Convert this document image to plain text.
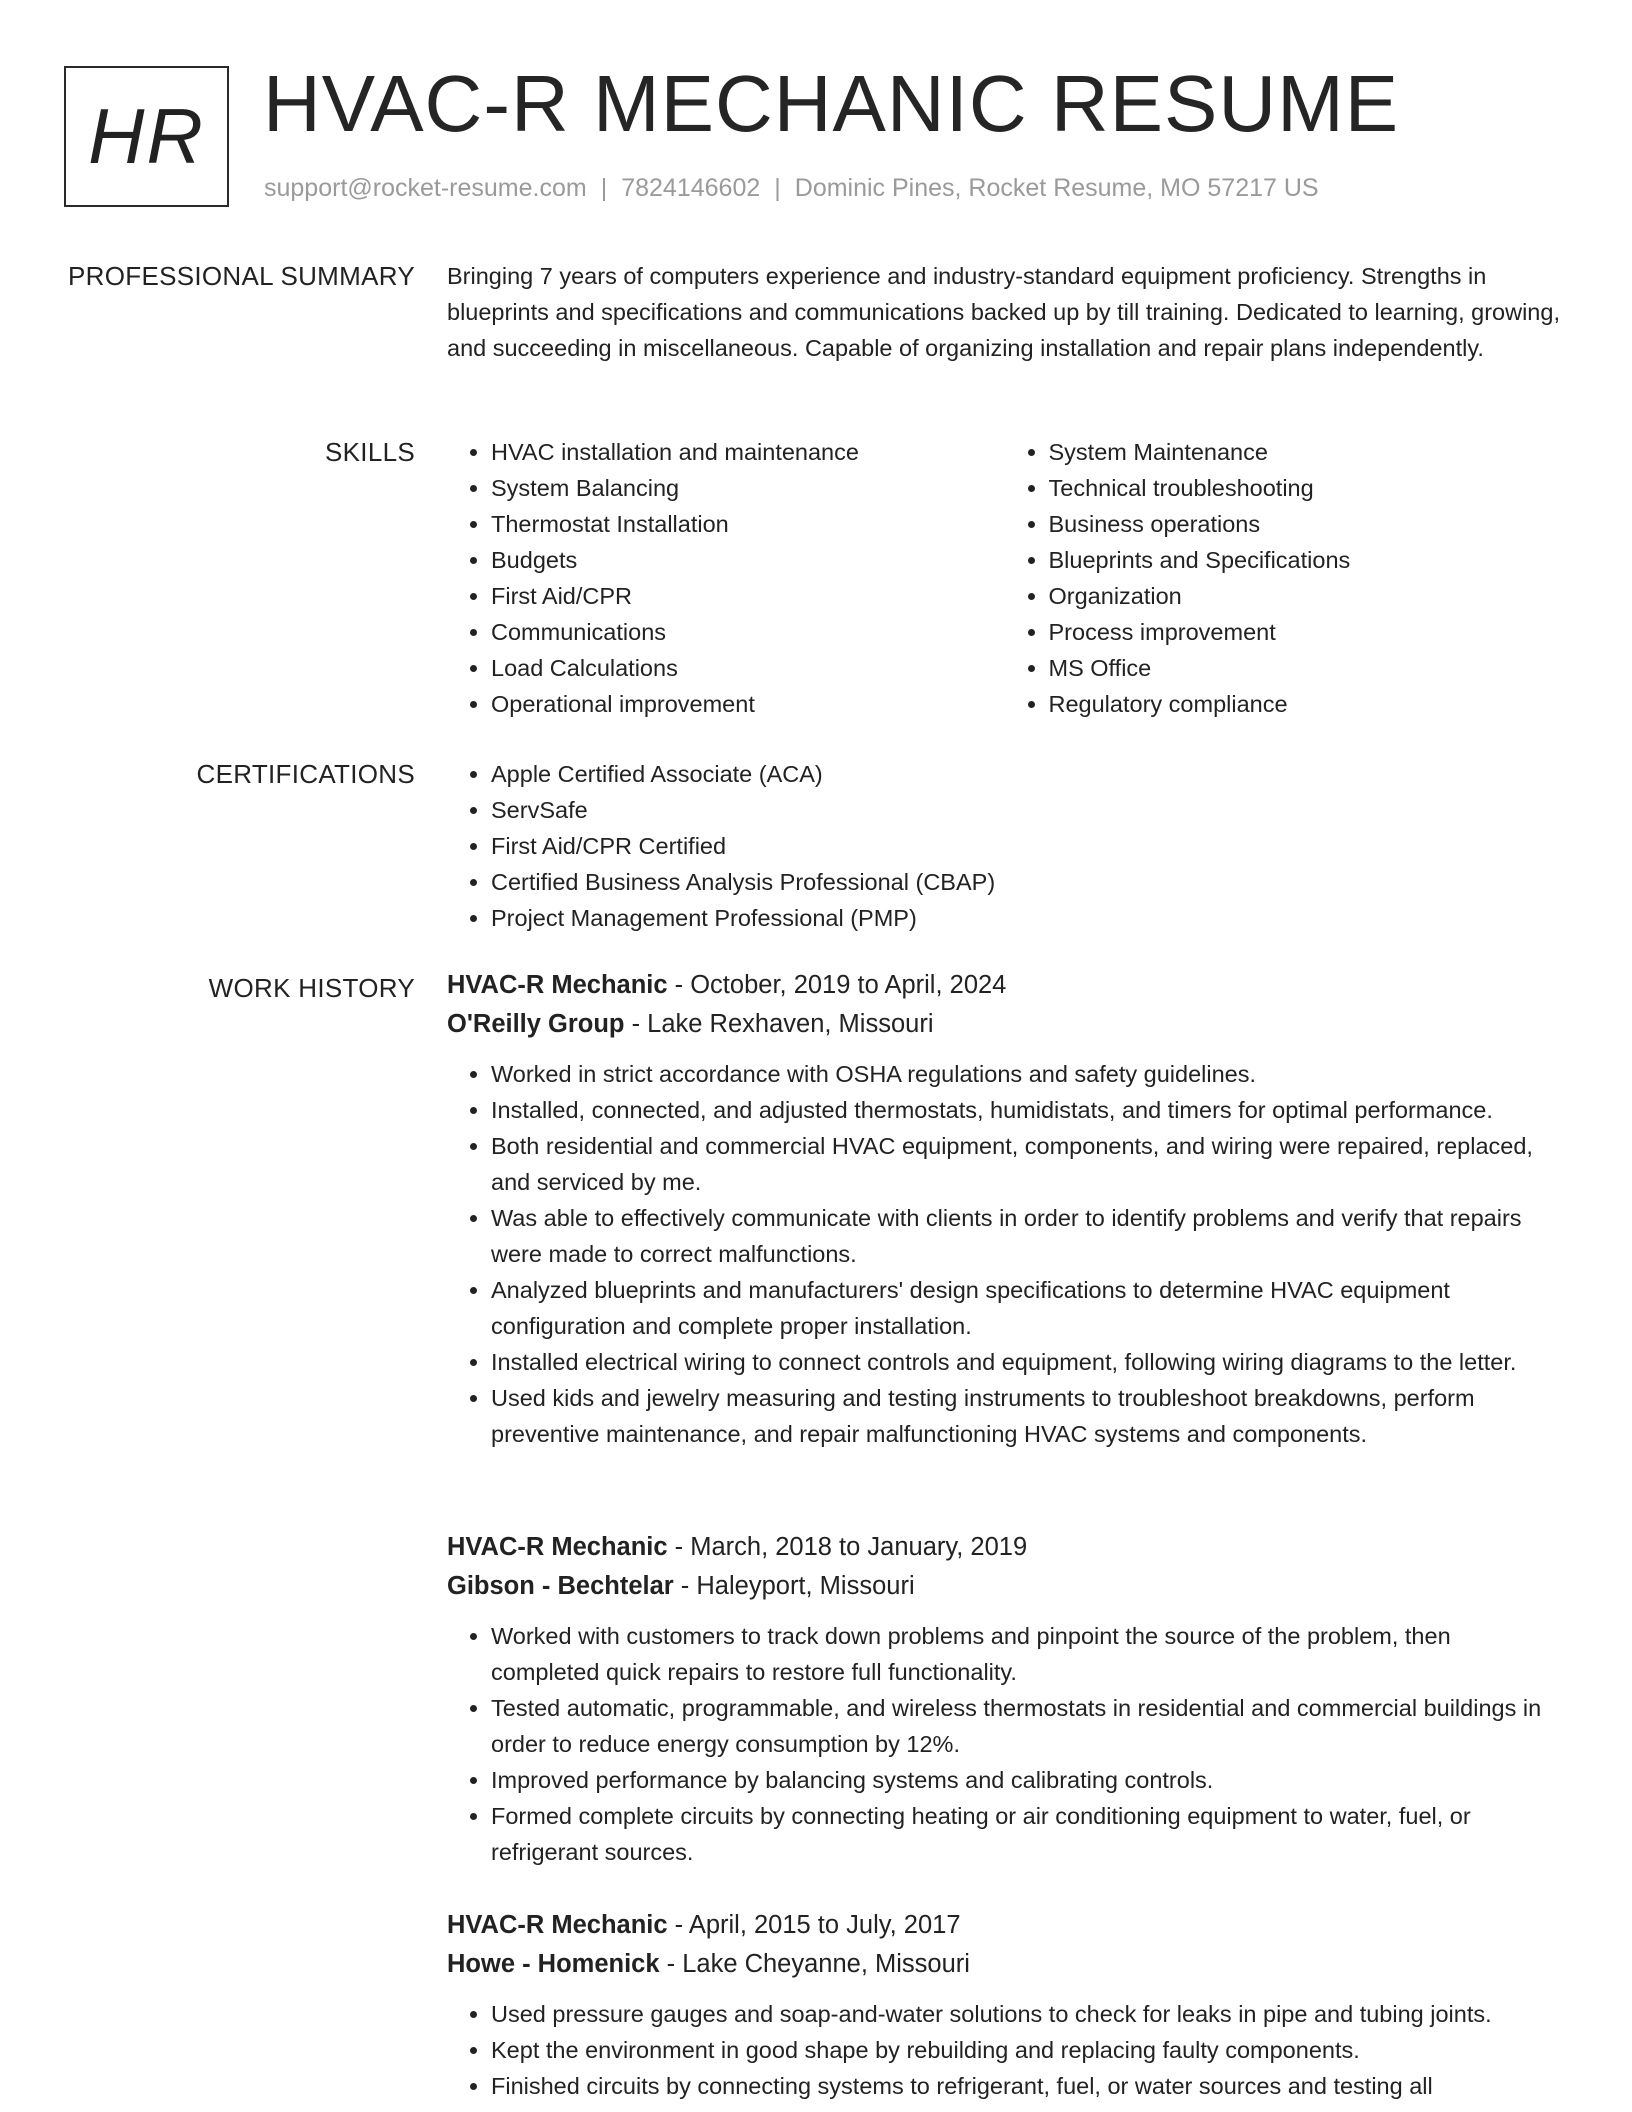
HR HVAC-R MECHANIC RESUME
support@rocket-resume.com | 7824146602 | Dominic Pines, Rocket Resume, MO 57217 US
PROFESSIONAL SUMMARY Bringing 7 years of computers experience and industry-standard equipment proficiency. Strengths in blueprints and specifications and communications backed up by till training. Dedicated to learning, growing, and succeeding in miscellaneous. Capable of organizing installation and repair plans independently.

SKILLS	• HVAC installation and maintenance
• System Balancing
• Thermostat Installation
• Budgets
• First Aid/CPR
• Communications
• Load Calculations
• Operational improvement
• System Maintenance
• Technical troubleshooting
• Business operations
• Blueprints and Specifications
• Organization
• Process improvement
• MS Office
• Regulatory compliance
CERTIFICATIONS	• Apple Certified Associate (ACA)
• ServSafe
• First Aid/CPR Certified
• Certified Business Analysis Professional (CBAP)
• Project Management Professional (PMP)
WORK HISTORY HVAC-R Mechanic - October, 2019 to April, 2024
O'Reilly Group - Lake Rexhaven, Missouri
• Worked in strict accordance with OSHA regulations and safety guidelines.
• Installed, connected, and adjusted thermostats, humidistats, and timers for optimal performance.
• Both residential and commercial HVAC equipment, components, and wiring were repaired, replaced, and serviced by me.
• Was able to effectively communicate with clients in order to identify problems and verify that repairs were made to correct malfunctions.
• Analyzed blueprints and manufacturers' design specifications to determine HVAC equipment configuration and complete proper installation.
• Installed electrical wiring to connect controls and equipment, following wiring diagrams to the letter.
• Used kids and jewelry measuring and testing instruments to troubleshoot breakdowns, perform preventive maintenance, and repair malfunctioning HVAC systems and components.
HVAC-R Mechanic - March, 2018 to January, 2019
Gibson - Bechtelar - Haleyport, Missouri
• Worked with customers to track down problems and pinpoint the source of the problem, then completed quick repairs to restore full functionality.
• Tested automatic, programmable, and wireless thermostats in residential and commercial buildings in order to reduce energy consumption by 12%.
• Improved performance by balancing systems and calibrating controls.
• Formed complete circuits by connecting heating or air conditioning equipment to water, fuel, or refrigerant sources.
HVAC-R Mechanic - April, 2015 to July, 2017
Howe - Homenick - Lake Cheyanne, Missouri
• Used pressure gauges and soap-and-water solutions to check for leaks in pipe and tubing joints.
• Kept the environment in good shape by rebuilding and replacing faulty components.
• Finished circuits by connecting systems to refrigerant, fuel, or water sources and testing all
